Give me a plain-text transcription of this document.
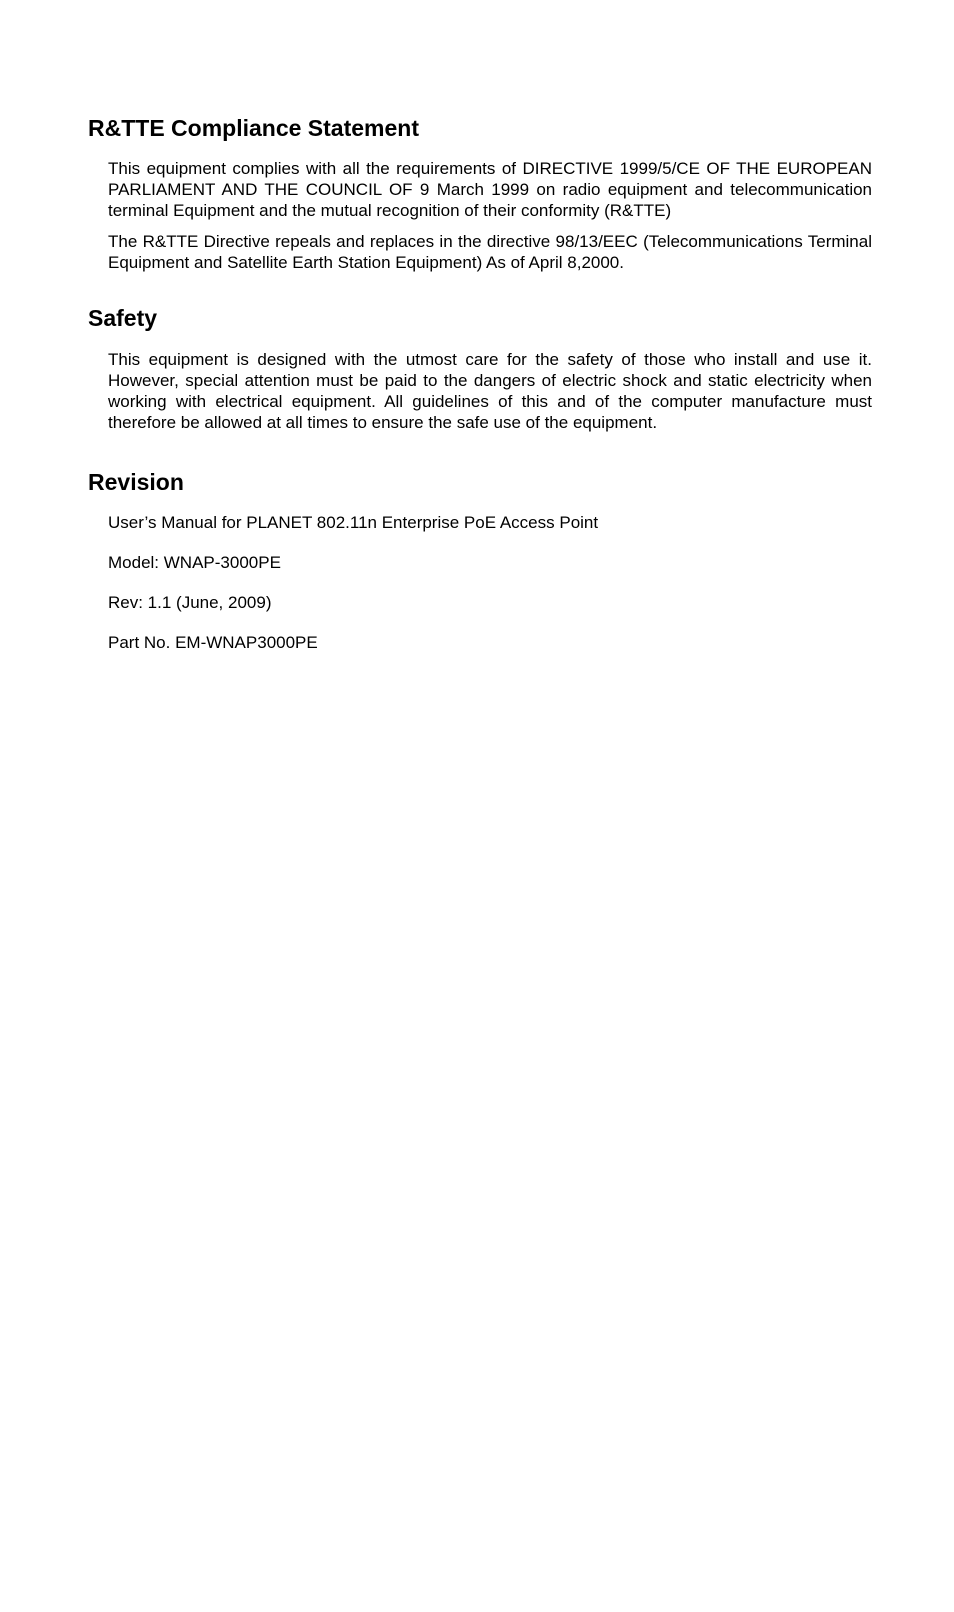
R&TTE Compliance Statement

This equipment complies with all the requirements of DIRECTIVE 1999/5/CE OF THE EUROPEAN PARLIAMENT AND THE COUNCIL OF 9 March 1999 on radio equipment and telecommunication terminal Equipment and the mutual recognition of their conformity (R&TTE)

The R&TTE Directive repeals and replaces in the directive 98/13/EEC (Telecommunications Terminal Equipment and Satellite Earth Station Equipment) As of April 8,2000.

Safety

This equipment is designed with the utmost care for the safety of those who install and use it. However, special attention must be paid to the dangers of electric shock and static electricity when working with electrical equipment. All guidelines of this and of the computer manufacture must therefore be allowed at all times to ensure the safe use of the equipment.

Revision

User’s Manual for PLANET 802.11n Enterprise PoE Access Point

Model: WNAP-3000PE

Rev: 1.1 (June, 2009)

Part No. EM-WNAP3000PE
